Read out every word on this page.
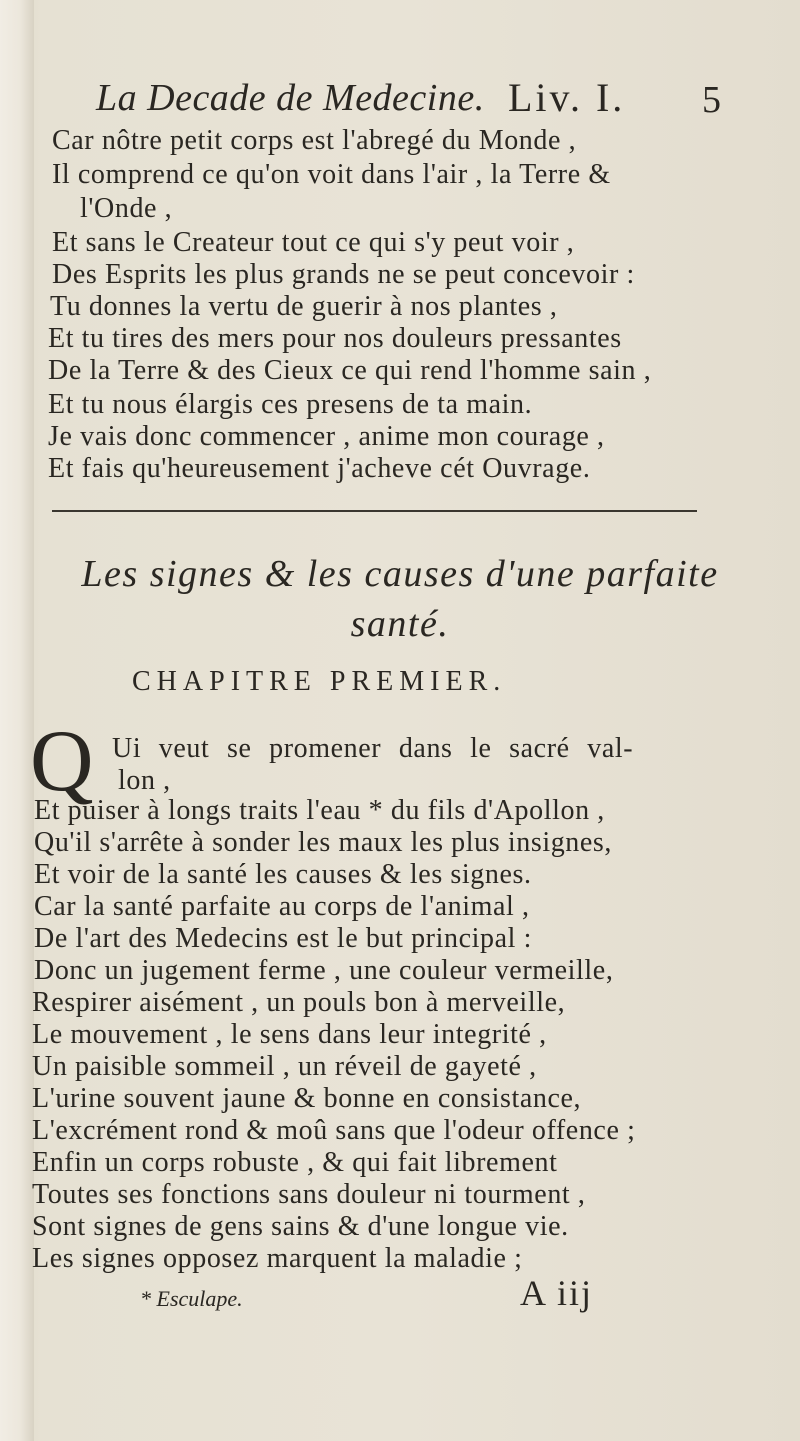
La Decade de Medecine. Liv. I. 5
Car nôtre petit corps est l'abregé du Monde ,
Il comprend ce qu'on voit dans l'air , la Terre &
l'Onde ,
Et sans le Createur tout ce qui s'y peut voir ,
Des Esprits les plus grands ne se peut concevoir :
Tu donnes la vertu de guerir à nos plantes ,
Et tu tires des mers pour nos douleurs pressantes
De la Terre & des Cieux ce qui rend l'homme sain ,
Et tu nous élargis ces presens de ta main.
Je vais donc commencer , anime mon courage ,
Et fais qu'heureusement j'acheve cét Ouvrage.
Les signes & les causes d'une parfaite
santé.
CHAPITRE PREMIER.
Q Ui veut se promener dans le sacré val-
lon ,
Et puiser à longs traits l'eau * du fils d'Apollon ,
Qu'il s'arrête à sonder les maux les plus insignes,
Et voir de la santé les causes & les signes.
Car la santé parfaite au corps de l'animal ,
De l'art des Medecins est le but principal :
Donc un jugement ferme , une couleur vermeille,
Respirer aisément , un pouls bon à merveille,
Le mouvement , le sens dans leur integrité ,
Un paisible sommeil , un réveil de gayeté ,
L'urine souvent jaune & bonne en consistance,
L'excrément rond & moû sans que l'odeur offence ;
Enfin un corps robuste , & qui fait librement
Toutes ses fonctions sans douleur ni tourment ,
Sont signes de gens sains & d'une longue vie.
Les signes opposez marquent la maladie ;
* Esculape.	A iij
